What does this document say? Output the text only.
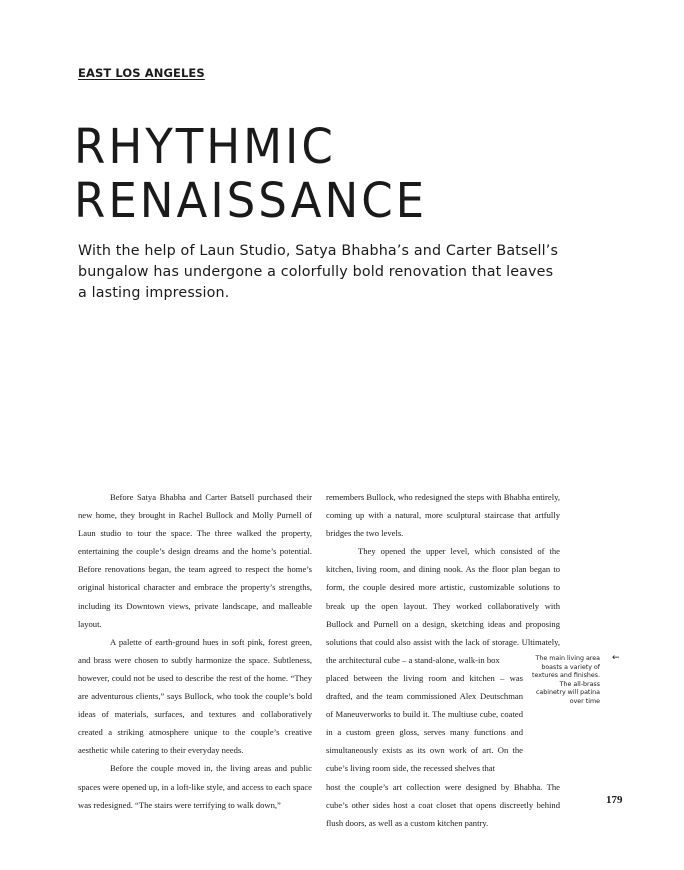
EAST LOS ANGELES
RHYTHMIC
RENAISSANCE
With the help of Laun Studio, Satya Bhabha’s and Carter Batsell’s
bungalow has undergone a colorfully bold renovation that leaves
a lasting impression.

Before Satya Bhabha and Carter Batsell purchased their new home, they brought in Rachel Bullock and Molly Purnell of Laun studio to tour the space. The three walked the property, entertaining the couple’s design dreams and the home’s potential. Before renovations began, the team agreed to respect the home’s original historical character and embrace the property’s strengths, including its Downtown views, private landscape, and malleable layout.

A palette of earth-ground hues in soft pink, forest green, and brass were chosen to subtly harmonize the space. Subtleness, however, could not be used to describe the rest of the home. “They are adventurous clients,” says Bullock, who took the couple’s bold ideas of materials, surfaces, and textures and collaboratively created a striking atmosphere unique to the couple’s creative aesthetic while catering to their everyday needs.

Before the couple moved in, the living areas and public spaces were opened up, in a loft-like style, and access to each space was redesigned. “The stairs were terrifying to walk down,”

remembers Bullock, who redesigned the steps with Bhabha entirely, coming up with a natural, more sculptural staircase that artfully bridges the two levels.

They opened the upper level, which consisted of the kitchen, living room, and dining nook. As the floor plan began to form, the couple desired more artistic, customizable solutions to break up the open layout. They worked collaboratively with Bullock and Purnell on a design, sketching ideas and proposing solutions that could also assist with the lack of storage. Ultimately, the architectural cube – a stand-alone, walk-in box

placed between the living room and kitchen – was drafted, and the team commissioned Alex Deutschman of Maneuverworks to build it. The multiuse cube, coated in a custom green gloss, serves many functions and simultaneously exists as its own work of art. On the cube’s living room side, the recessed shelves that

host the couple’s art collection were designed by Bhabha. The cube’s other sides host a coat closet that opens discreetly behind flush doors, as well as a custom kitchen pantry.

The main living area
boasts a variety of
textures and finishes.
The all-brass
cabinetry will patina
over time
←
179
